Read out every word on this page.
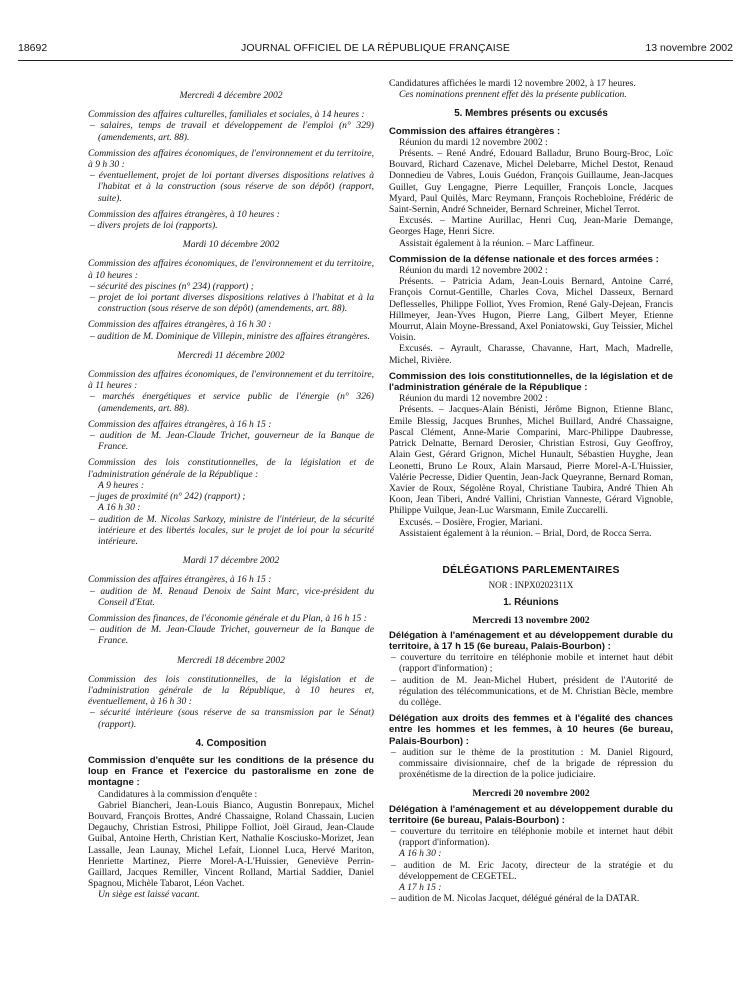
18692	JOURNAL OFFICIEL DE LA RÉPUBLIQUE FRANÇAISE	13 novembre 2002

Mercredi 4 décembre 2002

Commission des affaires culturelles, familiales et sociales, à 14 heures :

– salaires, temps de travail et développement de l'emploi (n° 329) (amendements, art. 88).

Commission des affaires économiques, de l'environnement et du territoire, à 9 h 30 :

– éventuellement, projet de loi portant diverses dispositions relatives à l'habitat et à la construction (sous réserve de son dépôt) (rapport, suite).

Commission des affaires étrangères, à 10 heures :

– divers projets de loi (rapports).

Mardi 10 décembre 2002

Commission des affaires économiques, de l'environnement et du territoire, à 10 heures :

– sécurité des piscines (n° 234) (rapport) ;

– projet de loi portant diverses dispositions relatives à l'habitat et à la construction (sous réserve de son dépôt) (amendements, art. 88).

Commission des affaires étrangères, à 16 h 30 :

– audition de M. Dominique de Villepin, ministre des affaires étrangères.

Mercredi 11 décembre 2002

Commission des affaires économiques, de l'environnement et du territoire, à 11 heures :

– marchés énergétiques et service public de l'énergie (n° 326) (amendements, art. 88).

Commission des affaires étrangères, à 16 h 15 :

– audition de M. Jean-Claude Trichet, gouverneur de la Banque de France.

Commission des lois constitutionnelles, de la législation et de l'administration générale de la République :

A 9 heures :

– juges de proximité (n° 242) (rapport) ;

A 16 h 30 :

– audition de M. Nicolas Sarkozy, ministre de l'intérieur, de la sécurité intérieure et des libertés locales, sur le projet de loi pour la sécurité intérieure.

Mardi 17 décembre 2002

Commission des affaires étrangères, à 16 h 15 :

– audition de M. Renaud Denoix de Saint Marc, vice-président du Conseil d'Etat.

Commission des finances, de l'économie générale et du Plan, à 16 h 15 :

– audition de M. Jean-Claude Trichet, gouverneur de la Banque de France.

Mercredi 18 décembre 2002

Commission des lois constitutionnelles, de la législation et de l'administration générale de la République, à 10 heures et, éventuellement, à 16 h 30 :

– sécurité intérieure (sous réserve de sa transmission par le Sénat) (rapport).

4. Composition

Commission d'enquête sur les conditions de la présence du loup en France et l'exercice du pastoralisme en zone de montagne :

Candidatures à la commission d'enquête :

Gabriel Biancheri, Jean-Louis Bianco, Augustin Bonrepaux, Michel Bouvard, François Brottes, André Chassaigne, Roland Chassain, Lucien Degauchy, Christian Estrosi, Philippe Folliot, Joël Giraud, Jean-Claude Guibal, Antoine Herth, Christian Kert, Nathalie Kosciusko-Morizet, Jean Lassalle, Jean Launay, Michel Lefait, Lionnel Luca, Hervé Mariton, Henriette Martinez, Pierre Morel-A-L'Huissier, Geneviève Perrin-Gaillard, Jacques Remiller, Vincent Rolland, Martial Saddier, Daniel Spagnou, Michèle Tabarot, Léon Vachet.

Un siège est laissé vacant.

Candidatures affichées le mardi 12 novembre 2002, à 17 heures.

Ces nominations prennent effet dès la présente publication.

5. Membres présents ou excusés

Commission des affaires étrangères :

Réunion du mardi 12 novembre 2002 :

Présents. – René André, Edouard Balladur, Bruno Bourg-Broc, Loïc Bouvard, Richard Cazenave, Michel Delebarre, Michel Destot, Renaud Donnedieu de Vabres, Louis Guédon, François Guillaume, Jean-Jacques Guillet, Guy Lengagne, Pierre Lequiller, François Loncle, Jacques Myard, Paul Quilès, Marc Reymann, François Rochebloine, Frédéric de Saint-Sernin, André Schneider, Bernard Schreiner, Michel Terrot.

Excusés. – Martine Aurillac, Henri Cuq, Jean-Marie Demange, Georges Hage, Henri Sicre.

Assistait également à la réunion. – Marc Laffineur.

Commission de la défense nationale et des forces armées :

Réunion du mardi 12 novembre 2002 :

Présents. – Patricia Adam, Jean-Louis Bernard, Antoine Carré, François Cornut-Gentille, Charles Cova, Michel Dasseux, Bernard Deflesselles, Philippe Folliot, Yves Fromion, René Galy-Dejean, Francis Hillmeyer, Jean-Yves Hugon, Pierre Lang, Gilbert Meyer, Etienne Mourrut, Alain Moyne-Bressand, Axel Poniatowski, Guy Teissier, Michel Voisin.

Excusés. – Ayrault, Charasse, Chavanne, Hart, Mach, Madrelle, Michel, Rivière.

Commission des lois constitutionnelles, de la législation et de l'administration générale de la République :

Réunion du mardi 12 novembre 2002 :

Présents. – Jacques-Alain Bénisti, Jérôme Bignon, Etienne Blanc, Emile Blessig, Jacques Brunhes, Michel Buillard, André Chassaigne, Pascal Clément, Anne-Marie Comparini, Marc-Philippe Daubresse, Patrick Delnatte, Bernard Derosier, Christian Estrosi, Guy Geoffroy, Alain Gest, Gérard Grignon, Michel Hunault, Sébastien Huyghe, Jean Leonetti, Bruno Le Roux, Alain Marsaud, Pierre Morel-A-L'Huissier, Valérie Pecresse, Didier Quentin, Jean-Jack Queyranne, Bernard Roman, Xavier de Roux, Ségolène Royal, Christiane Taubira, André Thien Ah Koon, Jean Tiberi, André Vallini, Christian Vanneste, Gérard Vignoble, Philippe Vuilque, Jean-Luc Warsmann, Emile Zuccarelli.

Excusés. – Dosière, Frogier, Mariani.

Assistaient également à la réunion. – Brial, Dord, de Rocca Serra.

DÉLÉGATIONS PARLEMENTAIRES

NOR : INPX0202311X

1. Réunions

Mercredi 13 novembre 2002

Délégation à l'aménagement et au développement durable du territoire, à 17 h 15 (6e bureau, Palais-Bourbon) :

– couverture du territoire en téléphonie mobile et internet haut débit (rapport d'information) ;

– audition de M. Jean-Michel Hubert, président de l'Autorité de régulation des télécommunications, et de M. Christian Bècle, membre du collège.

Délégation aux droits des femmes et à l'égalité des chances entre les hommes et les femmes, à 10 heures (6e bureau, Palais-Bourbon) :

– audition sur le thème de la prostitution : M. Daniel Rigourd, commissaire divisionnaire, chef de la brigade de répression du proxénétisme de la direction de la police judiciaire.

Mercredi 20 novembre 2002

Délégation à l'aménagement et au développement durable du territoire (6e bureau, Palais-Bourbon) :

– couverture du territoire en téléphonie mobile et internet haut débit (rapport d'information).

A 16 h 30 :

– audition de M. Eric Jacoty, directeur de la stratégie et du développement de CEGETEL.

A 17 h 15 :

– audition de M. Nicolas Jacquet, délégué général de la DATAR.
